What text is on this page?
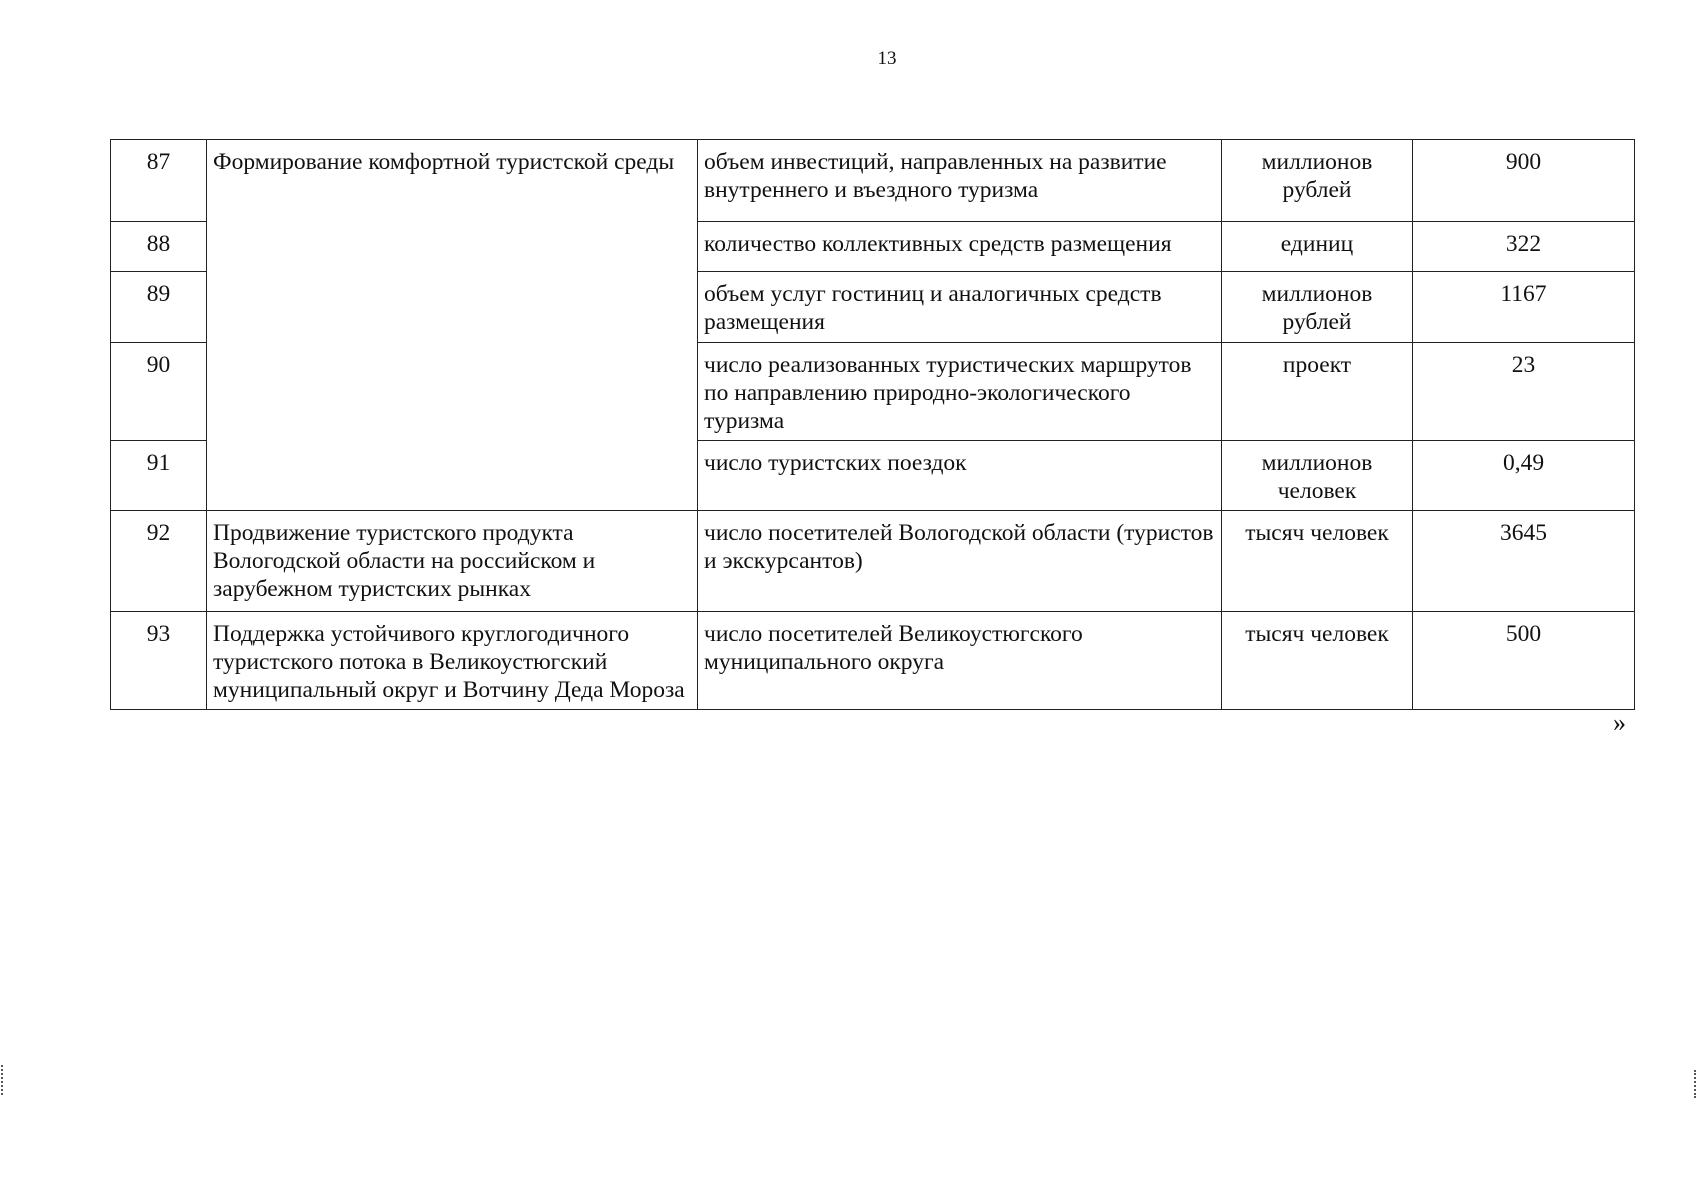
13
87	Формирование комфортной туристской среды	объем инвестиций, направленных на развитие внутреннего и въездного туризма	миллионов рублей	900
88		количество коллективных средств размещения	единиц	322
89		объем услуг гостиниц и аналогичных средств размещения	миллионов рублей	1167
90		число реализованных туристических маршрутов по направлению природно-экологического туризма	проект	23
91		число туристских поездок	миллионов человек	0,49
92	Продвижение туристского продукта Вологодской области на российском и зарубежном туристских рынках	число посетителей Вологодской области (туристов и экскурсантов)	тысяч человек	3645
93	Поддержка устойчивого круглогодичного туристского потока в Великоустюгский муниципальный округ и Вотчину Деда Мороза	число посетителей Великоустюгского муниципального округа	тысяч человек	500
»
